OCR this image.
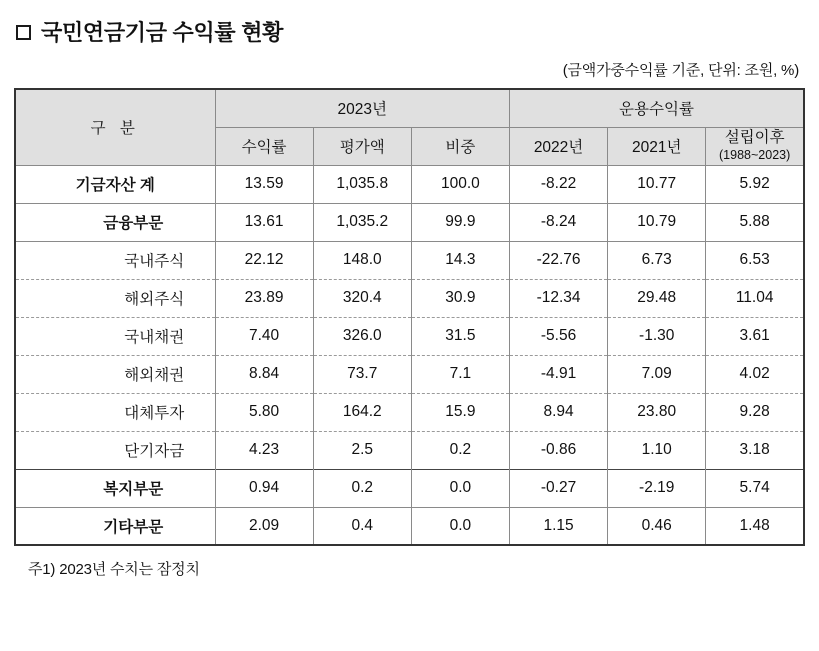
국민연금기금 수익률 현황
(금액가중수익률 기준, 단위: 조원, %)
구 분	2023년			운용수익률		
	수익률	평가액	비중	2022년	2021년	설립이후
(1988~2023)

기금자산 계	13.59	1,035.8	100.0	-8.22	10.77	5.92
금융부문	13.61	1,035.2	99.9	-8.24	10.79	5.88
국내주식	22.12	148.0	14.3	-22.76	6.73	6.53
해외주식	23.89	320.4	30.9	-12.34	29.48	11.04
국내채권	7.40	326.0	31.5	-5.56	-1.30	3.61
해외채권	8.84	73.7	7.1	-4.91	7.09	4.02
대체투자	5.80	164.2	15.9	8.94	23.80	9.28
단기자금	4.23	2.5	0.2	-0.86	1.10	3.18
복지부문	0.94	0.2	0.0	-0.27	-2.19	5.74
기타부문	2.09	0.4	0.0	1.15	0.46	1.48
주1) 2023년 수치는 잠정치
